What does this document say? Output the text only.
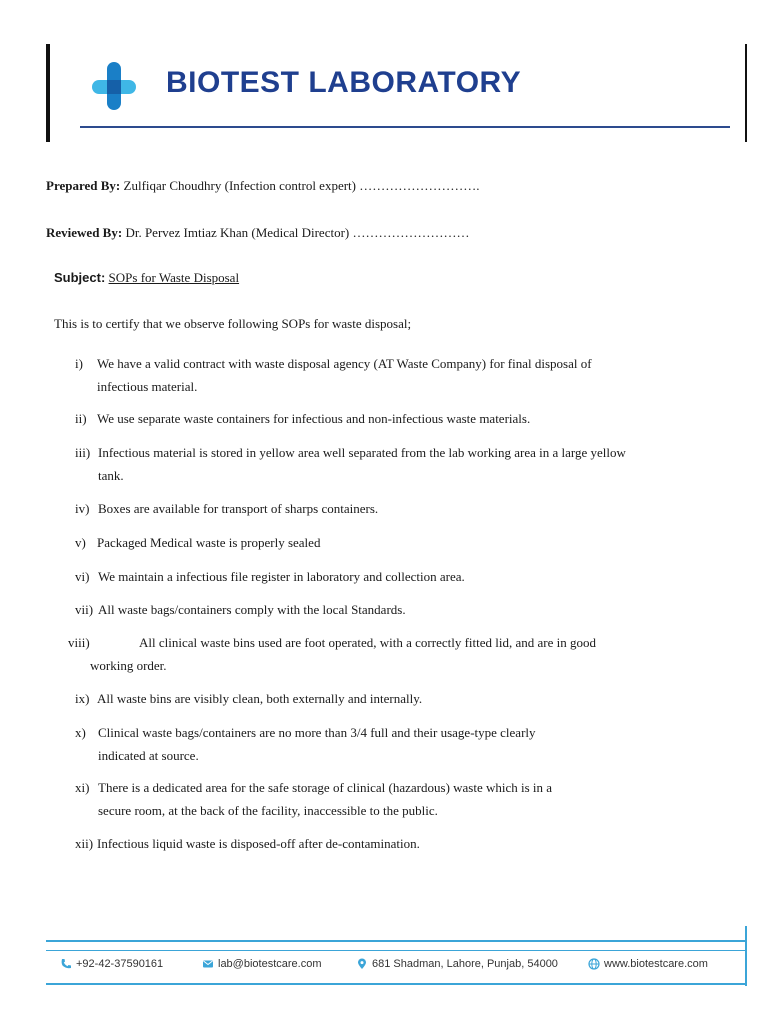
BIOTEST LABORATORY
Prepared By: Zulfiqar Choudhry (Infection control expert) ……………………….
Reviewed By: Dr. Pervez Imtiaz Khan (Medical Director) ………………………
Subject: SOPs for Waste Disposal
This is to certify that we observe following SOPs for waste disposal;
i) We have a valid contract with waste disposal agency (AT Waste Company) for final disposal of
infectious material.
ii) We use separate waste containers for infectious and non-infectious waste materials.
iii) Infectious material is stored in yellow area well separated from the lab working area in a large yellow
tank.
iv) Boxes are available for transport of sharps containers.
v) Packaged Medical waste is properly sealed
vi) We maintain a infectious file register in laboratory and collection area.
vii) All waste bags/containers comply with the local Standards.
viii)	All clinical waste bins used are foot operated, with a correctly fitted lid, and are in good
working order.
ix) All waste bins are visibly clean, both externally and internally.
x) Clinical waste bags/containers are no more than 3/4 full and their usage-type clearly
indicated at source.
xi) There is a dedicated area for the safe storage of clinical (hazardous) waste which is in a
secure room, at the back of the facility, inaccessible to the public.
xii) Infectious liquid waste is disposed-off after de-contamination.
+92-42-37590161	lab@biotestcare.com	681 Shadman, Lahore, Punjab, 54000	www.biotestcare.com
